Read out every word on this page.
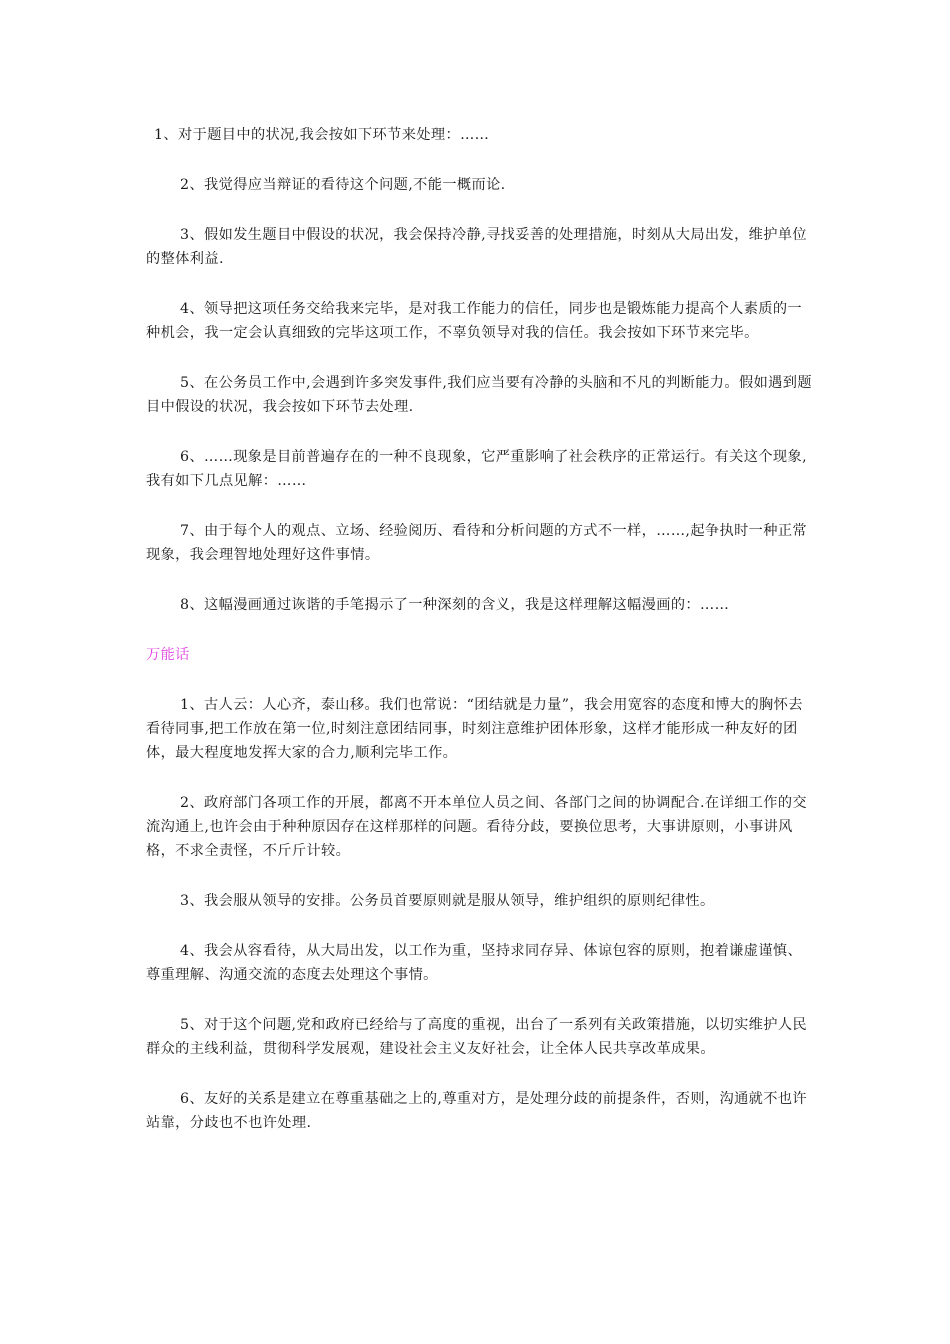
1、对于题目中的状况,我会按如下环节来处理：……

2、我觉得应当辩证的看待这个问题,不能一概而论.

3、假如发生题目中假设的状况，我会保持冷静,寻找妥善的处理措施，时刻从大局出发，维护单位的整体利益.

4、领导把这项任务交给我来完毕，是对我工作能力的信任，同步也是锻炼能力提高个人素质的一种机会，我一定会认真细致的完毕这项工作，不辜负领导对我的信任。我会按如下环节来完毕。

5、在公务员工作中,会遇到许多突发事件,我们应当要有冷静的头脑和不凡的判断能力。假如遇到题目中假设的状况，我会按如下环节去处理.

6、……现象是目前普遍存在的一种不良现象，它严重影响了社会秩序的正常运行。有关这个现象,我有如下几点见解：……

7、由于每个人的观点、立场、经验阅历、看待和分析问题的方式不一样，……,起争执时一种正常现象，我会理智地处理好这件事情。

8、这幅漫画通过诙谐的手笔揭示了一种深刻的含义，我是这样理解这幅漫画的：……

万能话

1、古人云：人心齐，泰山移。我们也常说：“团结就是力量”，我会用宽容的态度和博大的胸怀去看待同事,把工作放在第一位,时刻注意团结同事，时刻注意维护团体形象，这样才能形成一种友好的团体，最大程度地发挥大家的合力,顺利完毕工作。

2、政府部门各项工作的开展，都离不开本单位人员之间、各部门之间的协调配合.在详细工作的交流沟通上,也许会由于种种原因存在这样那样的问题。看待分歧，要换位思考，大事讲原则，小事讲风格，不求全责怪，不斤斤计较。

3、我会服从领导的安排。公务员首要原则就是服从领导，维护组织的原则纪律性。

4、我会从容看待，从大局出发，以工作为重，坚持求同存异、体谅包容的原则，抱着谦虚谨慎、尊重理解、沟通交流的态度去处理这个事情。

5、对于这个问题,党和政府已经给与了高度的重视，出台了一系列有关政策措施，以切实维护人民群众的主线利益，贯彻科学发展观，建设社会主义友好社会，让全体人民共享改革成果。

6、友好的关系是建立在尊重基础之上的,尊重对方，是处理分歧的前提条件，否则，沟通就不也许站靠，分歧也不也许处理.
